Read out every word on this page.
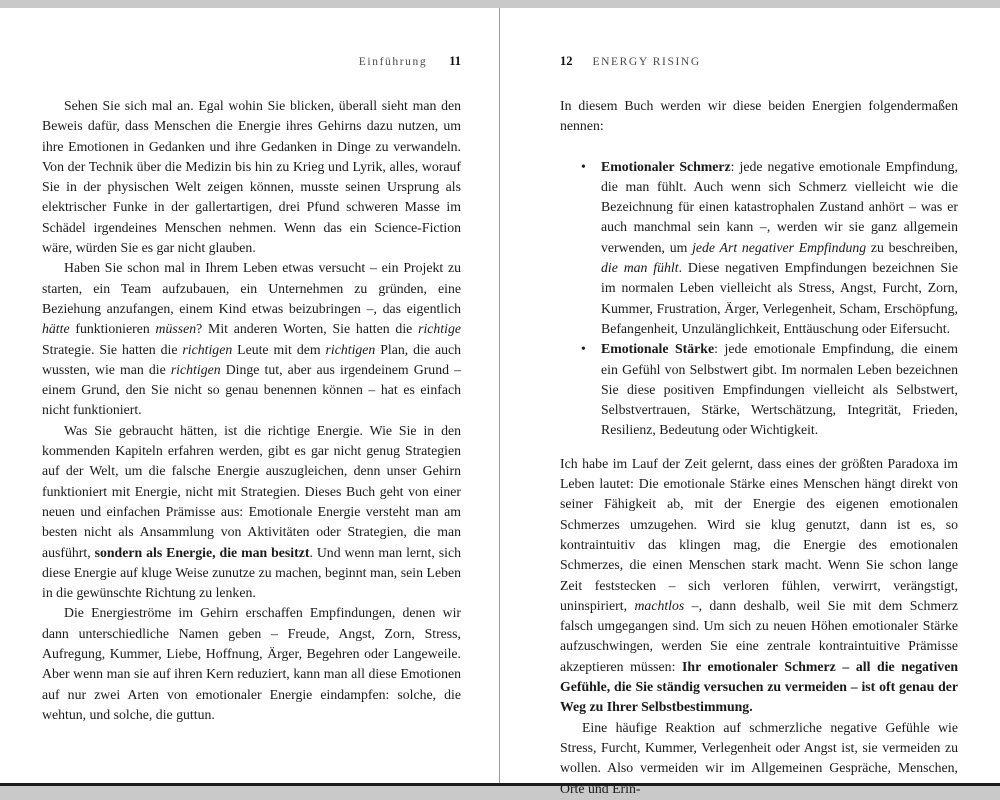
Einführung 11

Sehen Sie sich mal an. Egal wohin Sie blicken, überall sieht man den Beweis dafür, dass Menschen die Energie ihres Gehirns dazu nutzen, um ihre Emotionen in Gedanken und ihre Gedanken in Dinge zu verwandeln. Von der Technik über die Medizin bis hin zu Krieg und Lyrik, alles, worauf Sie in der physischen Welt zeigen können, musste seinen Ursprung als elektrischer Funke in der gallertartigen, drei Pfund schweren Masse im Schädel irgendeines Menschen nehmen. Wenn das ein Science-Fiction wäre, würden Sie es gar nicht glauben.

Haben Sie schon mal in Ihrem Leben etwas versucht – ein Projekt zu starten, ein Team aufzubauen, ein Unternehmen zu gründen, eine Beziehung anzufangen, einem Kind etwas beizubringen –, das eigentlich hätte funktionieren müssen? Mit anderen Worten, Sie hatten die richtige Strategie. Sie hatten die richtigen Leute mit dem richtigen Plan, die auch wussten, wie man die richtigen Dinge tut, aber aus irgendeinem Grund – einem Grund, den Sie nicht so genau benennen können – hat es einfach nicht funktioniert.

Was Sie gebraucht hätten, ist die richtige Energie. Wie Sie in den kommenden Kapiteln erfahren werden, gibt es gar nicht genug Strategien auf der Welt, um die falsche Energie auszugleichen, denn unser Gehirn funktioniert mit Energie, nicht mit Strategien. Dieses Buch geht von einer neuen und einfachen Prämisse aus: Emotionale Energie versteht man am besten nicht als Ansammlung von Aktivitäten oder Strategien, die man ausführt, sondern als Energie, die man besitzt. Und wenn man lernt, sich diese Energie auf kluge Weise zunutze zu machen, beginnt man, sein Leben in die gewünschte Richtung zu lenken.

Die Energieströme im Gehirn erschaffen Empfindungen, denen wir dann unterschiedliche Namen geben – Freude, Angst, Zorn, Stress, Aufregung, Kummer, Liebe, Hoffnung, Ärger, Begehren oder Langeweile. Aber wenn man sie auf ihren Kern reduziert, kann man all diese Emotionen auf nur zwei Arten von emotionaler Energie eindampfen: solche, die wehtun, und solche, die guttun.

12 ENERGY RISING

In diesem Buch werden wir diese beiden Energien folgendermaßen nennen:

•	Emotionaler Schmerz: jede negative emotionale Empfindung, die man fühlt. Auch wenn sich Schmerz vielleicht wie die Bezeichnung für einen katastrophalen Zustand anhört – was er auch manchmal sein kann –, werden wir sie ganz allgemein verwenden, um jede Art negativer Empfindung zu beschreiben, die man fühlt. Diese negativen Empfindungen bezeichnen Sie im normalen Leben vielleicht als Stress, Angst, Furcht, Zorn, Kummer, Frustration, Ärger, Verlegenheit, Scham, Erschöpfung, Befangenheit, Unzulänglichkeit, Enttäuschung oder Eifersucht.
•	Emotionale Stärke: jede emotionale Empfindung, die einem ein Gefühl von Selbstwert gibt. Im normalen Leben bezeichnen Sie diese positiven Empfindungen vielleicht als Selbstwert, Selbstvertrauen, Stärke, Wertschätzung, Integrität, Frieden, Resilienz, Bedeutung oder Wichtigkeit.

Ich habe im Lauf der Zeit gelernt, dass eines der größten Paradoxa im Leben lautet: Die emotionale Stärke eines Menschen hängt direkt von seiner Fähigkeit ab, mit der Energie des eigenen emotionalen Schmerzes umzugehen. Wird sie klug genutzt, dann ist es, so kontraintuitiv das klingen mag, die Energie des emotionalen Schmerzes, die einen Menschen stark macht. Wenn Sie schon lange Zeit feststecken – sich verloren fühlen, verwirrt, verängstigt, uninspiriert, machtlos –, dann deshalb, weil Sie mit dem Schmerz falsch umgegangen sind. Um sich zu neuen Höhen emotionaler Stärke aufzuschwingen, werden Sie eine zentrale kontraintuitive Prämisse akzeptieren müssen: Ihr emotionaler Schmerz – all die negativen Gefühle, die Sie ständig versuchen zu vermeiden – ist oft genau der Weg zu Ihrer Selbstbestimmung.

Eine häufige Reaktion auf schmerzliche negative Gefühle wie Stress, Furcht, Kummer, Verlegenheit oder Angst ist, sie vermeiden zu wollen. Also vermeiden wir im Allgemeinen Gespräche, Menschen, Orte und Erin-
